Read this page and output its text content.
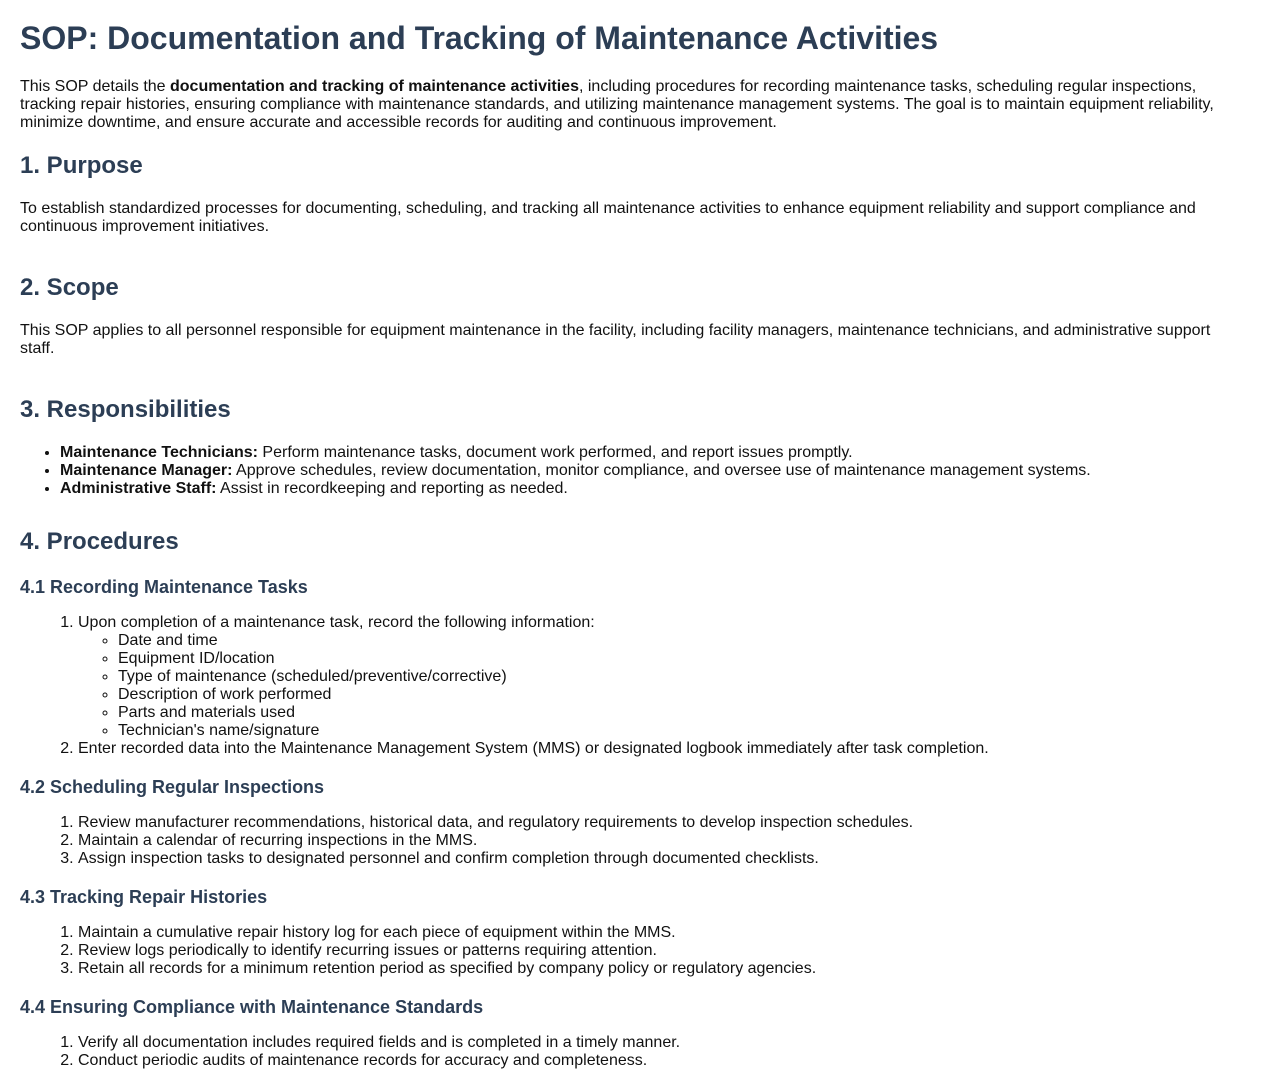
SOP: Documentation and Tracking of Maintenance Activities

This SOP details the documentation and tracking of maintenance activities, including procedures for recording maintenance tasks, scheduling regular inspections, tracking repair histories, ensuring compliance with maintenance standards, and utilizing maintenance management systems. The goal is to maintain equipment reliability, minimize downtime, and ensure accurate and accessible records for auditing and continuous improvement.

1. Purpose

To establish standardized processes for documenting, scheduling, and tracking all maintenance activities to enhance equipment reliability and support compliance and continuous improvement initiatives.

2. Scope

This SOP applies to all personnel responsible for equipment maintenance in the facility, including facility managers, maintenance technicians, and administrative support staff.

3. Responsibilities
• Maintenance Technicians: Perform maintenance tasks, document work performed, and report issues promptly.
• Maintenance Manager: Approve schedules, review documentation, monitor compliance, and oversee use of maintenance management systems.
• Administrative Staff: Assist in recordkeeping and reporting as needed.
4. Procedures
4.1 Recording Maintenance Tasks
1. Upon completion of a maintenance task, record the following information:
◦ Date and time
◦ Equipment ID/location
◦ Type of maintenance (scheduled/preventive/corrective)
◦ Description of work performed
◦ Parts and materials used
◦ Technician's name/signature
2. Enter recorded data into the Maintenance Management System (MMS) or designated logbook immediately after task completion.
4.2 Scheduling Regular Inspections
1. Review manufacturer recommendations, historical data, and regulatory requirements to develop inspection schedules.
2. Maintain a calendar of recurring inspections in the MMS.
3. Assign inspection tasks to designated personnel and confirm completion through documented checklists.
4.3 Tracking Repair Histories
1. Maintain a cumulative repair history log for each piece of equipment within the MMS.
2. Review logs periodically to identify recurring issues or patterns requiring attention.
3. Retain all records for a minimum retention period as specified by company policy or regulatory agencies.
4.4 Ensuring Compliance with Maintenance Standards
1. Verify all documentation includes required fields and is completed in a timely manner.
2. Conduct periodic audits of maintenance records for accuracy and completeness.
